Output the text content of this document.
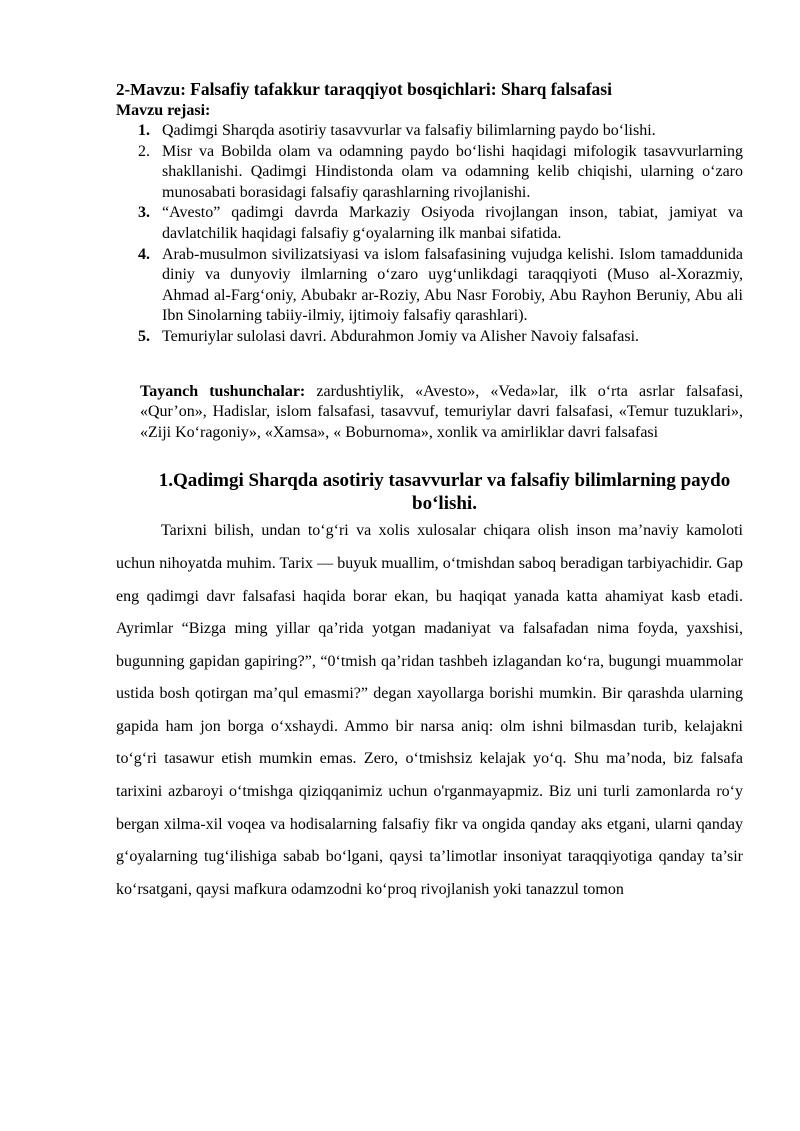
2-Mavzu: Falsafiy tafakkur taraqqiyot bosqichlari: Sharq falsafasi

Mavzu rejasi:

1. Qadimgi Sharqda asotiriy tasavvurlar va falsafiy bilimlarning paydo bo‘lishi.
2. Misr va Bobilda olam va odamning paydo bo‘lishi haqidagi mifologik tasavvurlarning shakllanishi. Qadimgi Hindistonda olam va odamning kelib chiqishi, ularning o‘zaro munosabati borasidagi falsafiy qarashlarning rivojlanishi.
3. “Avesto” qadimgi davrda Markaziy Osiyoda rivojlangan inson, tabiat, jamiyat va davlatchilik haqidagi falsafiy g‘oyalarning ilk manbai sifatida.
4. Arab-musulmon sivilizatsiyasi va islom falsafasining vujudga kelishi. Islom tamaddunida diniy va dunyoviy ilmlarning o‘zaro uyg‘unlikdagi taraqqiyoti (Muso al-Xorazmiy, Ahmad al-Farg‘oniy, Abubakr ar-Roziy, Abu Nasr Forobiy, Abu Rayhon Beruniy, Abu ali Ibn Sinolarning tabiiy-ilmiy, ijtimoiy falsafiy qarashlari).
5. Temuriylar sulolasi davri. Abdurahmon Jomiy va Alisher Navoiy falsafasi.

Tayanch tushunchalar: zardushtiylik, «Avesto», «Veda»lar, ilk o‘rta asrlar falsafasi, «Qur’on», Hadislar, islom falsafasi, tasavvuf, temuriylar davri falsafasi, «Temur tuzuklari», «Ziji Ko‘ragoniy», «Xamsa», « Boburnoma», xonlik va amirliklar davri falsafasi

1.Qadimgi Sharqda asotiriy tasavvurlar va falsafiy bilimlarning paydo bo‘lishi.

Tarixni bilish, undan to‘g‘ri va xolis xulosalar chiqara olish inson ma’naviy kamoloti uchun nihoyatda muhim. Tarix — buyuk muallim, o‘tmishdan saboq beradigan tarbiyachidir. Gap eng qadimgi davr falsafasi haqida borar ekan, bu haqiqat yanada katta ahamiyat kasb etadi. Ayrimlar “Bizga ming yillar qa’rida yotgan madaniyat va falsafadan nima foyda, yaxshisi, bugunning gapidan gapiring?”, “0‘tmish qa’ridan tashbeh izlagandan ko‘ra, bugungi muammolar ustida bosh qotirgan ma’qul emasmi?” degan xayollarga borishi mumkin. Bir qarashda ularning gapida ham jon borga o‘xshaydi. Ammo bir narsa aniq: olm ishni bilmasdan turib, kelajakni to‘g‘ri tasawur etish mumkin emas. Zero, o‘tmishsiz kelajak yo‘q. Shu ma’noda, biz falsafa tarixini azbaroyi o‘tmishga qiziqqanimiz uchun o'rganmayapmiz. Biz uni turli zamonlarda ro‘y bergan xilma-xil voqea va hodisalarning falsafiy fikr va ongida qanday aks etgani, ularni qanday g‘oyalarning tug‘ilishiga sabab bo‘lgani, qaysi ta’limotlar insoniyat taraqqiyotiga qanday ta’sir ko‘rsatgani, qaysi mafkura odamzodni ko‘proq rivojlanish yoki tanazzul tomon
